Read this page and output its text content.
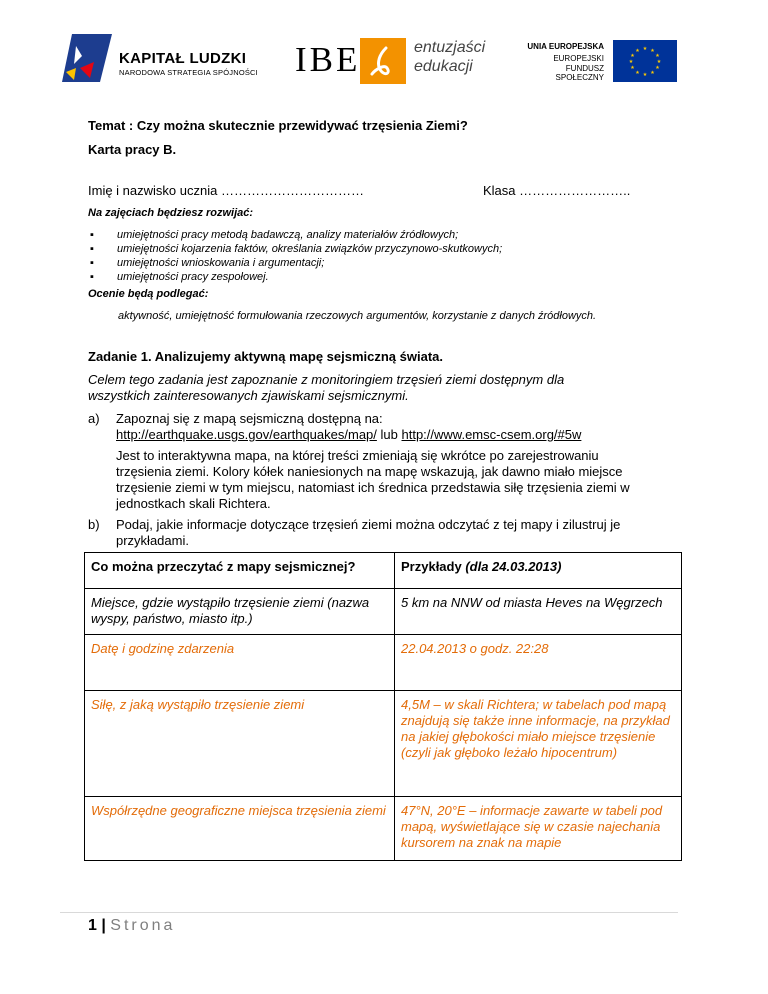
KAPITAŁ LUDZKI
NARODOWA STRATEGIA SPÓJNOŚCI IBE	entuzjaści
edukacji
UNIA EUROPEJSKA
EUROPEJSKI
FUNDUSZ SPOŁECZNY
★ ★
★
★
★
★
★
★
★
★
★
★
Temat : Czy można skutecznie przewidywać trzęsienia Ziemi?
Karta pracy B.
Imię i nazwisko ucznia ……………………………	Klasa ……………………..
Na zajęciach będziesz rozwijać:
▪ umiejętności pracy metodą badawczą, analizy materiałów źródłowych;
▪ umiejętności kojarzenia faktów, określania związków przyczynowo-skutkowych;
▪ umiejętności wnioskowania i argumentacji;
▪ umiejętności pracy zespołowej.
Ocenie będą podlegać:
aktywność, umiejętność formułowania rzeczowych argumentów, korzystanie z danych źródłowych.
Zadanie 1. Analizujemy aktywną mapę sejsmiczną świata.
Celem tego zadania jest zapoznanie z monitoringiem trzęsień ziemi dostępnym dla
wszystkich zainteresowanych zjawiskami sejsmicznymi.
a) Zapoznaj się z mapą sejsmiczną dostępną na:
http://earthquake.usgs.gov/earthquakes/map/ lub http://www.emsc-csem.org/#5w
Jest to interaktywna mapa, na której treści zmieniają się wkrótce po zarejestrowaniu
trzęsienia ziemi. Kolory kółek naniesionych na mapę wskazują, jak dawno miało miejsce
trzęsienie ziemi w tym miejscu, natomiast ich średnica przedstawia siłę trzęsienia ziemi w
jednostkach skali Richtera.
b) Podaj, jakie informacje dotyczące trzęsień ziemi można odczytać z tej mapy i zilustruj je
przykładami.
Co można przeczytać z mapy sejsmicznej?	Przykłady (dla 24.03.2013)
Miejsce, gdzie wystąpiło trzęsienie ziemi (nazwa wyspy, państwo, miasto itp.)	5 km na NNW od miasta Heves na Węgrzech
Datę i godzinę zdarzenia	22.04.2013 o godz. 22:28
Siłę, z jaką wystąpiło trzęsienie ziemi	4,5M – w skali Richtera; w tabelach pod mapą znajdują się także inne informacje, na przykład na jakiej głębokości miało miejsce trzęsienie (czyli jak głęboko leżało hipocentrum)
Współrzędne geograficzne miejsca trzęsienia ziemi	47°N, 20°E – informacje zawarte w tabeli pod mapą, wyświetlające się w czasie najechania kursorem na znak na mapie
1 | Strona
